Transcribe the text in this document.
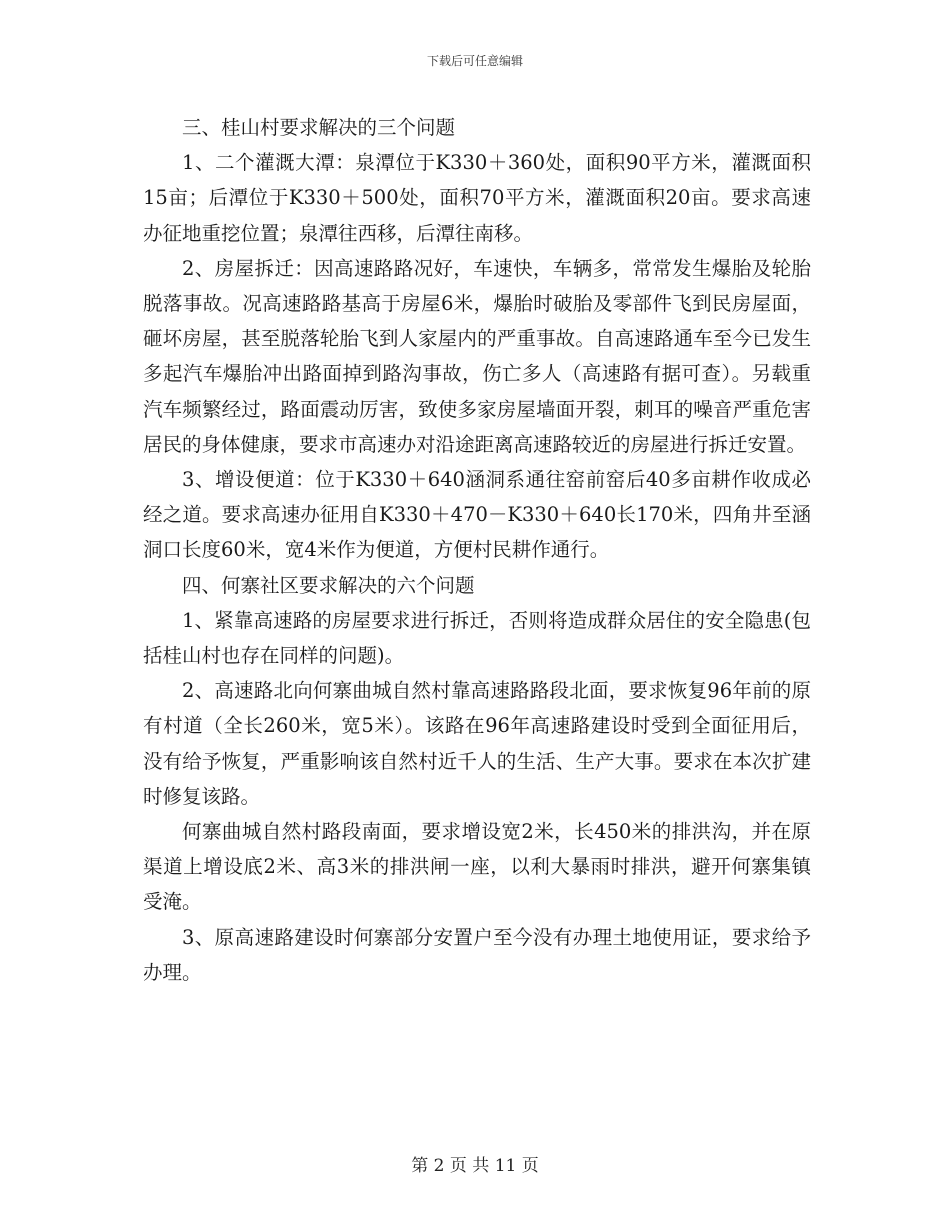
下载后可任意编辑

三、桂山村要求解决的三个问题

1、二个灌溉大潭：泉潭位于K330＋360处，面积90平方米，灌溉面积15亩；后潭位于K330＋500处，面积70平方米，灌溉面积20亩。要求高速办征地重挖位置；泉潭往西移，后潭往南移。

2、房屋拆迁：因高速路路况好，车速快，车辆多，常常发生爆胎及轮胎脱落事故。况高速路路基高于房屋6米，爆胎时破胎及零部件飞到民房屋面，砸坏房屋，甚至脱落轮胎飞到人家屋内的严重事故。自高速路通车至今已发生多起汽车爆胎冲出路面掉到路沟事故，伤亡多人（高速路有据可查）。另载重汽车频繁经过，路面震动厉害，致使多家房屋墙面开裂，刺耳的噪音严重危害居民的身体健康，要求市高速办对沿途距离高速路较近的房屋进行拆迁安置。

3、增设便道：位于K330＋640涵洞系通往窑前窑后40多亩耕作收成必经之道。要求高速办征用自K330＋470－K330＋640长170米，四角井至涵洞口长度60米，宽4米作为便道，方便村民耕作通行。

四、何寨社区要求解决的六个问题

1、紧靠高速路的房屋要求进行拆迁，否则将造成群众居住的安全隐患(包括桂山村也存在同样的问题)。

2、高速路北向何寨曲城自然村靠高速路路段北面，要求恢复96年前的原有村道（全长260米，宽5米）。该路在96年高速路建设时受到全面征用后，没有给予恢复，严重影响该自然村近千人的生活、生产大事。要求在本次扩建时修复该路。

何寨曲城自然村路段南面，要求增设宽2米，长450米的排洪沟，并在原渠道上增设底2米、高3米的排洪闸一座，以利大暴雨时排洪，避开何寨集镇受淹。

3、原高速路建设时何寨部分安置户至今没有办理土地使用证，要求给予办理。

第 2 页 共 11 页
